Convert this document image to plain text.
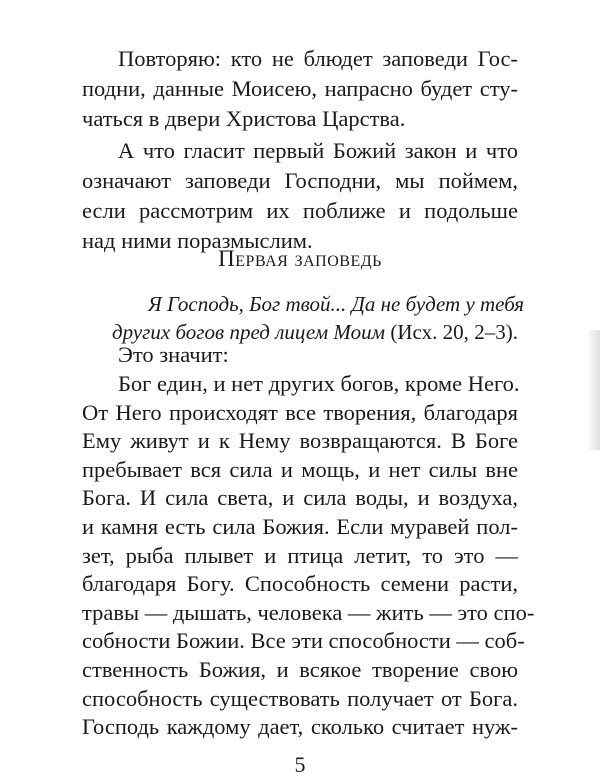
Повторяю: кто не блюдет заповеди Гос-
подни, данные Моисею, напрасно будет сту-
чаться в двери Христова Царства.
А что гласит первый Божий закон и что
означают заповеди Господни, мы поймем,
если рассмотрим их поближе и подольше
над ними поразмыслим.
Первая заповедь
Я Господь, Бог твой... Да не будет у тебя
других богов пред лицем Моим (Исх. 20, 2–3).
Это значит:
Бог един, и нет других богов, кроме Него.
От Него происходят все творения, благодаря
Ему живут и к Нему возвращаются. В Боге
пребывает вся сила и мощь, и нет силы вне
Бога. И сила света, и сила воды, и воздуха,
и камня есть сила Божия. Если муравей пол-
зет, рыба плывет и птица летит, то это —
благодаря Богу. Способность семени расти,
травы — дышать, человека — жить — это спо-
собности Божии. Все эти способности — соб-
ственность Божия, и всякое творение свою
способность существовать получает от Бога.
5
Господь каждому дает, сколько считает нуж-
